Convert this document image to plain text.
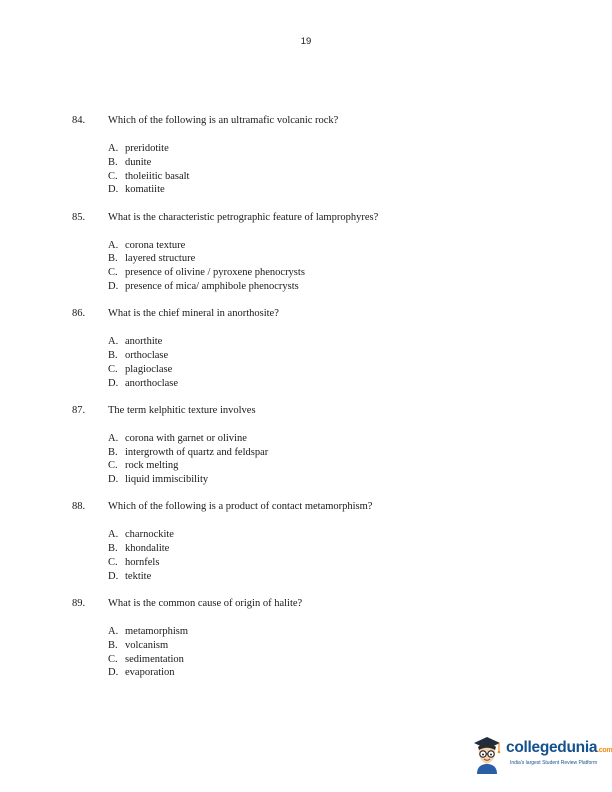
19
84. Which of the following is an ultramafic volcanic rock?
A. preridotite
B. dunite
C. tholeiitic basalt
D. komatiite
85. What is the characteristic petrographic feature of lamprophyres?
A. corona texture
B. layered structure
C. presence of olivine / pyroxene phenocrysts
D. presence of mica/ amphibole phenocrysts
86. What is the chief mineral in anorthosite?
A. anorthite
B. orthoclase
C. plagioclase
D. anorthoclase
87. The term kelphitic texture involves
A. corona with garnet or olivine
B. intergrowth of quartz and feldspar
C. rock melting
D. liquid immiscibility
88. Which of the following is a product of contact metamorphism?
A. charnockite
B. khondalite
C. hornfels
D. tektite
89. What is the common cause of origin of halite?
A. metamorphism
B. volcanism
C. sedimentation
D. evaporation
collegedunia.com
India's largest Student Review Platform
